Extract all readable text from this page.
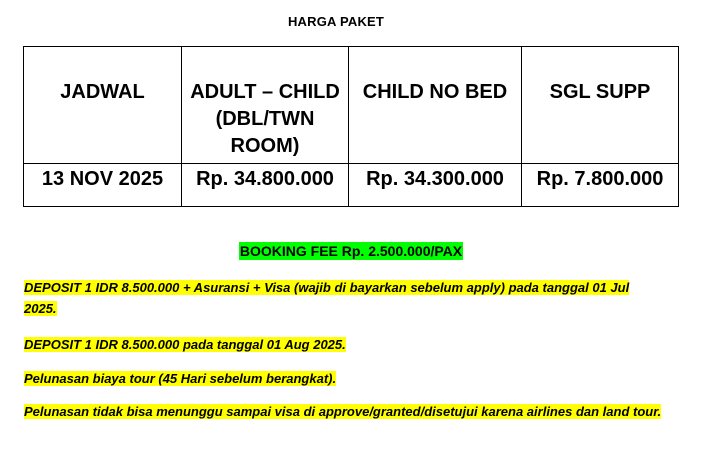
HARGA PAKET
JADWAL	ADULT – CHILD (DBL/TWN ROOM)	CHILD NO BED	SGL SUPP
13 NOV 2025	Rp. 34.800.000	Rp. 34.300.000	Rp. 7.800.000
BOOKING FEE Rp. 2.500.000/PAX
DEPOSIT 1 IDR 8.500.000 + Asuransi + Visa (wajib di bayarkan sebelum apply) pada tanggal 01 Jul 2025.
DEPOSIT 1 IDR 8.500.000 pada tanggal 01 Aug 2025.
Pelunasan biaya tour (45 Hari sebelum berangkat).
Pelunasan tidak bisa menunggu sampai visa di approve/granted/disetujui karena airlines dan land tour.
